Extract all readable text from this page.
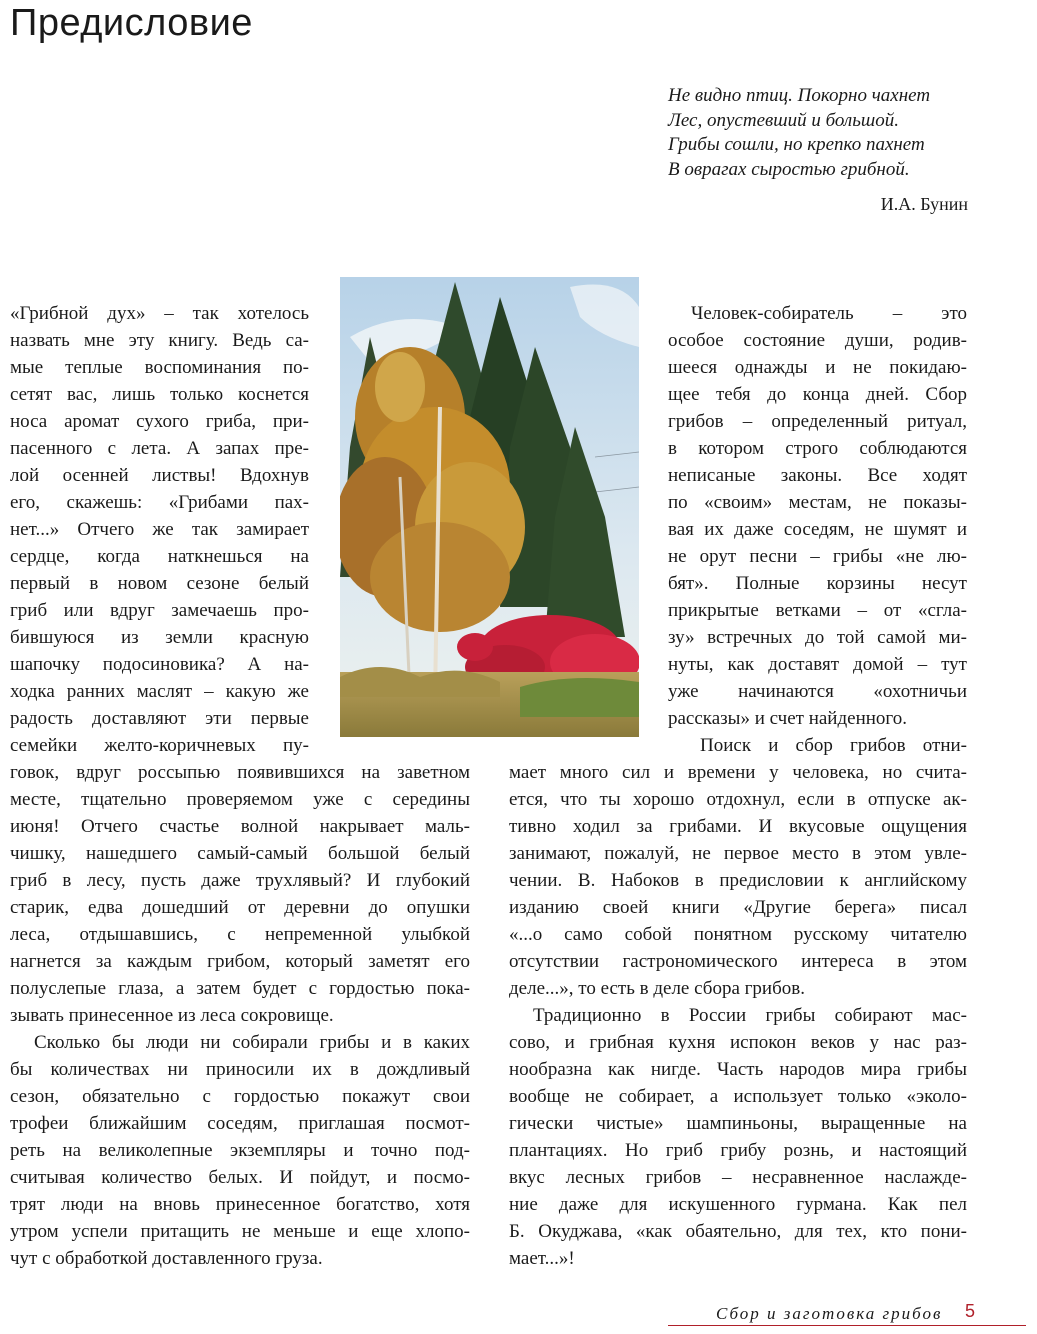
Предисловие
Не видно птиц. Покорно чахнет
Лес, опустевший и большой.
Грибы сошли, но крепко пахнет
В оврагах сыростью грибной.
И.А. Бунин
«Грибной дух» – так хотелось
назвать мне эту книгу. Ведь са-
мые теплые воспоминания по-
сетят вас, лишь только коснется
носа аромат сухого гриба, при-
пасенного с лета. А запах пре-
лой осенней листвы! Вдохнув
его, скажешь: «Грибами пах-
нет...» Отчего же так замирает
сердце, когда наткнешься на
первый в новом сезоне белый
гриб или вдруг замечаешь про-
бившуюся из земли красную
шапочку подосиновика? А на-
ходка ранних маслят – какую же
радость доставляют эти первые
семейки желто-коричневых пу-
говок, вдруг россыпью появившихся на заветном
месте, тщательно проверяемом уже с середины
июня! Отчего счастье волной накрывает маль-
чишку, нашедшего самый-самый большой белый
гриб в лесу, пусть даже трухлявый? И глубокий
старик, едва дошедший от деревни до опушки
леса, отдышавшись, с непременной улыбкой
нагнется за каждым грибом, который заметят его
полуслепые глаза, а затем будет с гордостью пока-
зывать принесенное из леса сокровище.
Сколько бы люди ни собирали грибы и в каких
бы количествах ни приносили их в дождливый
сезон, обязательно с гордостью покажут свои
трофеи ближайшим соседям, приглашая посмот-
реть на великолепные экземпляры и точно под-
считывая количество белых. И пойдут, и посмо-
трят люди на вновь принесенное богатство, хотя
утром успели притащить не меньше и еще хлопо-
чут с обработкой доставленного груза.
Человек-собиратель – это
особое состояние души, родив-
шееся однажды и не покидаю-
щее тебя до конца дней. Сбор
грибов – определенный ритуал,
в котором строго соблюдаются
неписаные законы. Все ходят
по «своим» местам, не показы-
вая их даже соседям, не шумят и
не орут песни – грибы «не лю-
бят». Полные корзины несут
прикрытые ветками – от «сгла-
зу» встречных до той самой ми-
нуты, как доставят домой – тут
уже начинаются «охотничьи
рассказы» и счет найденного.
Поиск и сбор грибов отни-
мает много сил и времени у человека, но счита-
ется, что ты хорошо отдохнул, если в отпуске ак-
тивно ходил за грибами. И вкусовые ощущения
занимают, пожалуй, не первое место в этом увле-
чении. В. Набоков в предисловии к английскому
изданию своей книги «Другие берега» писал
«...о само собой понятном русскому читателю
отсутствии гастрономического интереса в этом
деле...», то есть в деле сбора грибов.
Традиционно в России грибы собирают мас-
сово, и грибная кухня испокон веков у нас раз-
нообразна как нигде. Часть народов мира грибы
вообще не собирает, а использует только «эколо-
гически чистые» шампиньоны, выращенные на
плантациях. Но гриб грибу рознь, и настоящий
вкус лесных грибов – несравненное наслажде-
ние даже для искушенного гурмана. Как пел
Б. Окуджава, «как обаятельно, для тех, кто пони-
мает...»!
Сбор и заготовка грибов 5
